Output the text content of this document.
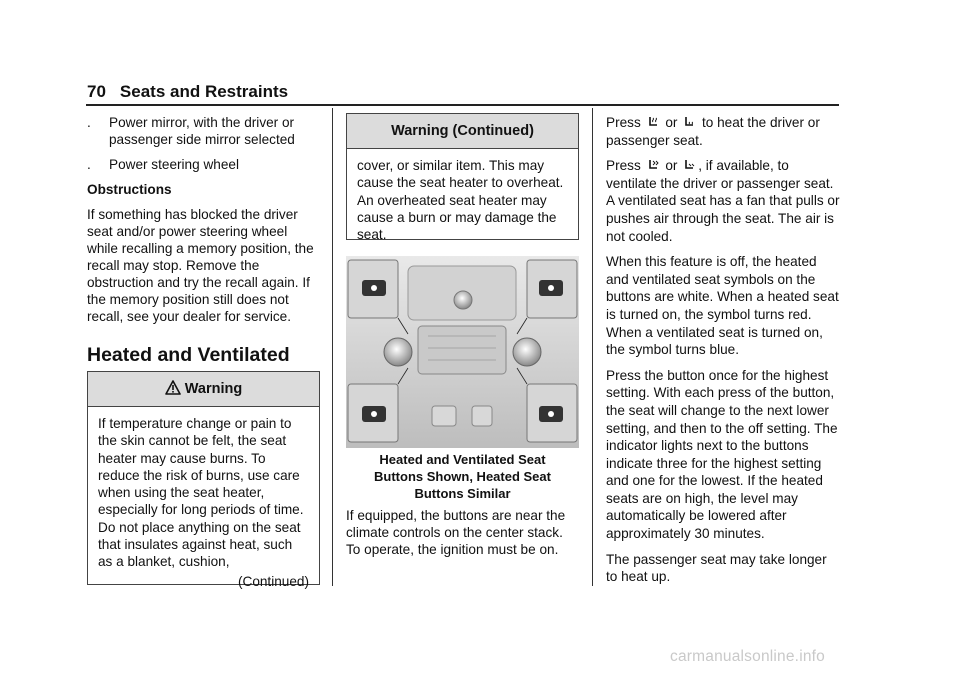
70 Seats and Restraints
.	Power mirror, with the driver or passenger side mirror selected
.	Power steering wheel
Obstructions

If something has blocked the driver seat and/or power steering wheel while recalling a memory position, the recall may stop. Remove the obstruction and try the recall again. If the memory position still does not recall, see your dealer for service.

Heated and Ventilated
Warning
If temperature change or pain to the skin cannot be felt, the seat heater may cause burns. To reduce the risk of burns, use care when using the seat heater, especially for long periods of time. Do not place anything on the seat that insulates against heat, such as a blanket, cushion,
(Continued)
Warning (Continued)
cover, or similar item. This may cause the seat heater to overheat. An overheated seat heater may cause a burn or may damage the seat.
Heated and Ventilated Seat
Buttons Shown, Heated Seat
Buttons Similar

If equipped, the buttons are near the climate controls on the center stack. To operate, the ignition must be on.

Press or to heat the driver or passenger seat.

Press or , if available, to ventilate the driver or passenger seat. A ventilated seat has a fan that pulls or pushes air through the seat. The air is not cooled.

When this feature is off, the heated and ventilated seat symbols on the buttons are white. When a heated seat is turned on, the symbol turns red. When a ventilated seat is turned on, the symbol turns blue.

Press the button once for the highest setting. With each press of the button, the seat will change to the next lower setting, and then to the off setting. The indicator lights next to the buttons indicate three for the highest setting and one for the lowest. If the heated seats are on high, the level may automatically be lowered after approximately 30 minutes.

The passenger seat may take longer to heat up.

carmanualsonline.info
